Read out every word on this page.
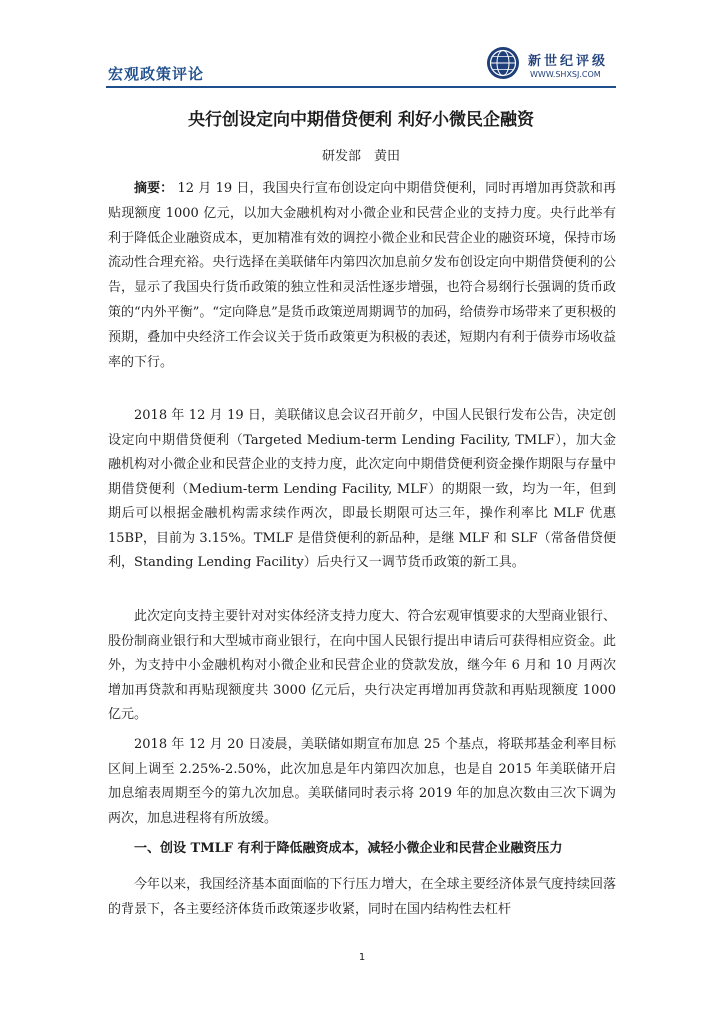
宏观政策评论
新世纪评级
WWW.SHXSJ.COM
央行创设定向中期借贷便利 利好小微民企融资
研发部　黄田

摘要： 12 月 19 日，我国央行宣布创设定向中期借贷便利，同时再增加再贷款和再贴现额度 1000 亿元，以加大金融机构对小微企业和民营企业的支持力度。央行此举有利于降低企业融资成本，更加精准有效的调控小微企业和民营企业的融资环境，保持市场流动性合理充裕。央行选择在美联储年内第四次加息前夕发布创设定向中期借贷便利的公告，显示了我国央行货币政策的独立性和灵活性逐步增强，也符合易纲行长强调的货币政策的“内外平衡”。“定向降息”是货币政策逆周期调节的加码，给债券市场带来了更积极的预期，叠加中央经济工作会议关于货币政策更为积极的表述，短期内有利于债券市场收益率的下行。

2018 年 12 月 19 日，美联储议息会议召开前夕，中国人民银行发布公告，决定创设定向中期借贷便利（Targeted Medium-term Lending Facility, TMLF），加大金融机构对小微企业和民营企业的支持力度，此次定向中期借贷便利资金操作期限与存量中期借贷便利（Medium-term Lending Facility, MLF）的期限一致，均为一年，但到期后可以根据金融机构需求续作两次，即最长期限可达三年，操作利率比 MLF 优惠 15BP，目前为 3.15%。TMLF 是借贷便利的新品种，是继 MLF 和 SLF（常备借贷便利，Standing Lending Facility）后央行又一调节货币政策的新工具。

此次定向支持主要针对对实体经济支持力度大、符合宏观审慎要求的大型商业银行、股份制商业银行和大型城市商业银行，在向中国人民银行提出申请后可获得相应资金。此外，为支持中小金融机构对小微企业和民营企业的贷款发放，继今年 6 月和 10 月两次增加再贷款和再贴现额度共 3000 亿元后，央行决定再增加再贷款和再贴现额度 1000 亿元。

2018 年 12 月 20 日凌晨，美联储如期宣布加息 25 个基点，将联邦基金利率目标区间上调至 2.25%-2.50%，此次加息是年内第四次加息，也是自 2015 年美联储开启加息缩表周期至今的第九次加息。美联储同时表示将 2019 年的加息次数由三次下调为两次，加息进程将有所放缓。

一、创设 TMLF 有利于降低融资成本，减轻小微企业和民营企业融资压力

今年以来，我国经济基本面面临的下行压力增大，在全球主要经济体景气度持续回落的背景下，各主要经济体货币政策逐步收紧，同时在国内结构性去杠杆

1
